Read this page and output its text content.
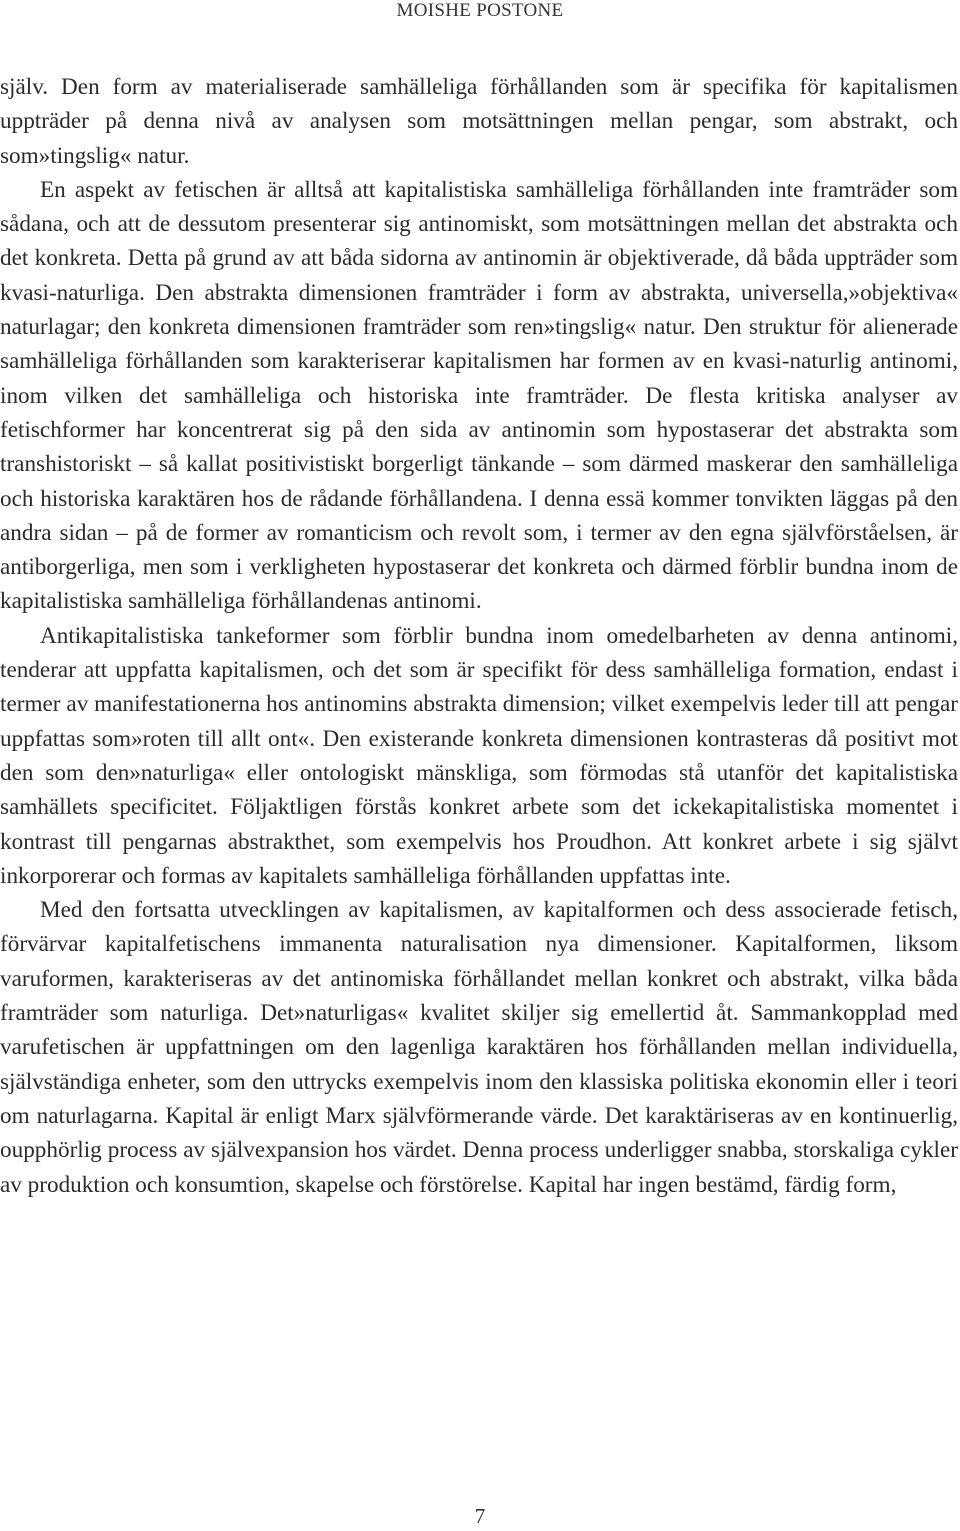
MOISHE POSTONE

själv. Den form av materialiserade samhälleliga förhållanden som är specifika för kapitalismen uppträder på denna nivå av analysen som motsättningen mellan pengar, som abstrakt, och som»tingslig« natur.

En aspekt av fetischen är alltså att kapitalistiska samhälleliga förhållanden inte framträder som sådana, och att de dessutom presenterar sig antinomiskt, som motsättningen mellan det abstrakta och det konkreta. Detta på grund av att båda sidorna av antinomin är objektiverade, då båda uppträder som kvasi-naturliga. Den abstrakta dimensionen framträder i form av abstrakta, universella,»objektiva« naturlagar; den konkreta dimensionen framträder som ren»tingslig« natur. Den struktur för alienerade samhälleliga förhållanden som karakteriserar kapitalismen har formen av en kvasi-naturlig antinomi, inom vilken det samhälleliga och historiska inte framträder. De flesta kritiska analyser av fetischformer har koncentrerat sig på den sida av antinomin som hypostaserar det abstrakta som transhistoriskt – så kallat positivistiskt borgerligt tänkande – som därmed maskerar den samhälleliga och historiska karaktären hos de rådande förhållandena. I denna essä kommer tonvikten läggas på den andra sidan – på de former av romanticism och revolt som, i termer av den egna självförståelsen, är antiborgerliga, men som i verkligheten hypostaserar det konkreta och därmed förblir bundna inom de kapitalistiska samhälleliga förhållandenas antinomi.

Antikapitalistiska tankeformer som förblir bundna inom omedelbarheten av denna antinomi, tenderar att uppfatta kapitalismen, och det som är specifikt för dess samhälleliga formation, endast i termer av manifestationerna hos antinomins abstrakta dimension; vilket exempelvis leder till att pengar uppfattas som»roten till allt ont«. Den existerande konkreta dimensionen kontrasteras då positivt mot den som den»naturliga« eller ontologiskt mänskliga, som förmodas stå utanför det kapitalistiska samhällets specificitet. Följaktligen förstås konkret arbete som det ickekapitalistiska momentet i kontrast till pengarnas abstrakthet, som exempelvis hos Proudhon. Att konkret arbete i sig självt inkorporerar och formas av kapitalets samhälleliga förhållanden uppfattas inte.

Med den fortsatta utvecklingen av kapitalismen, av kapitalformen och dess associerade fetisch, förvärvar kapitalfetischens immanenta naturalisation nya dimensioner. Kapitalformen, liksom varuformen, karakteriseras av det antinomiska förhållandet mellan konkret och abstrakt, vilka båda framträder som naturliga. Det»naturligas« kvalitet skiljer sig emellertid åt. Sammankopplad med varufetischen är uppfattningen om den lagenliga karaktären hos förhållanden mellan individuella, självständiga enheter, som den uttrycks exempelvis inom den klassiska politiska ekonomin eller i teori om naturlagarna. Kapital är enligt Marx självförmerande värde. Det karaktäriseras av en kontinuerlig, oupphörlig process av självexpansion hos värdet. Denna process underligger snabba, storskaliga cykler av produktion och konsumtion, skapelse och förstörelse. Kapital har ingen bestämd, färdig form,

7
